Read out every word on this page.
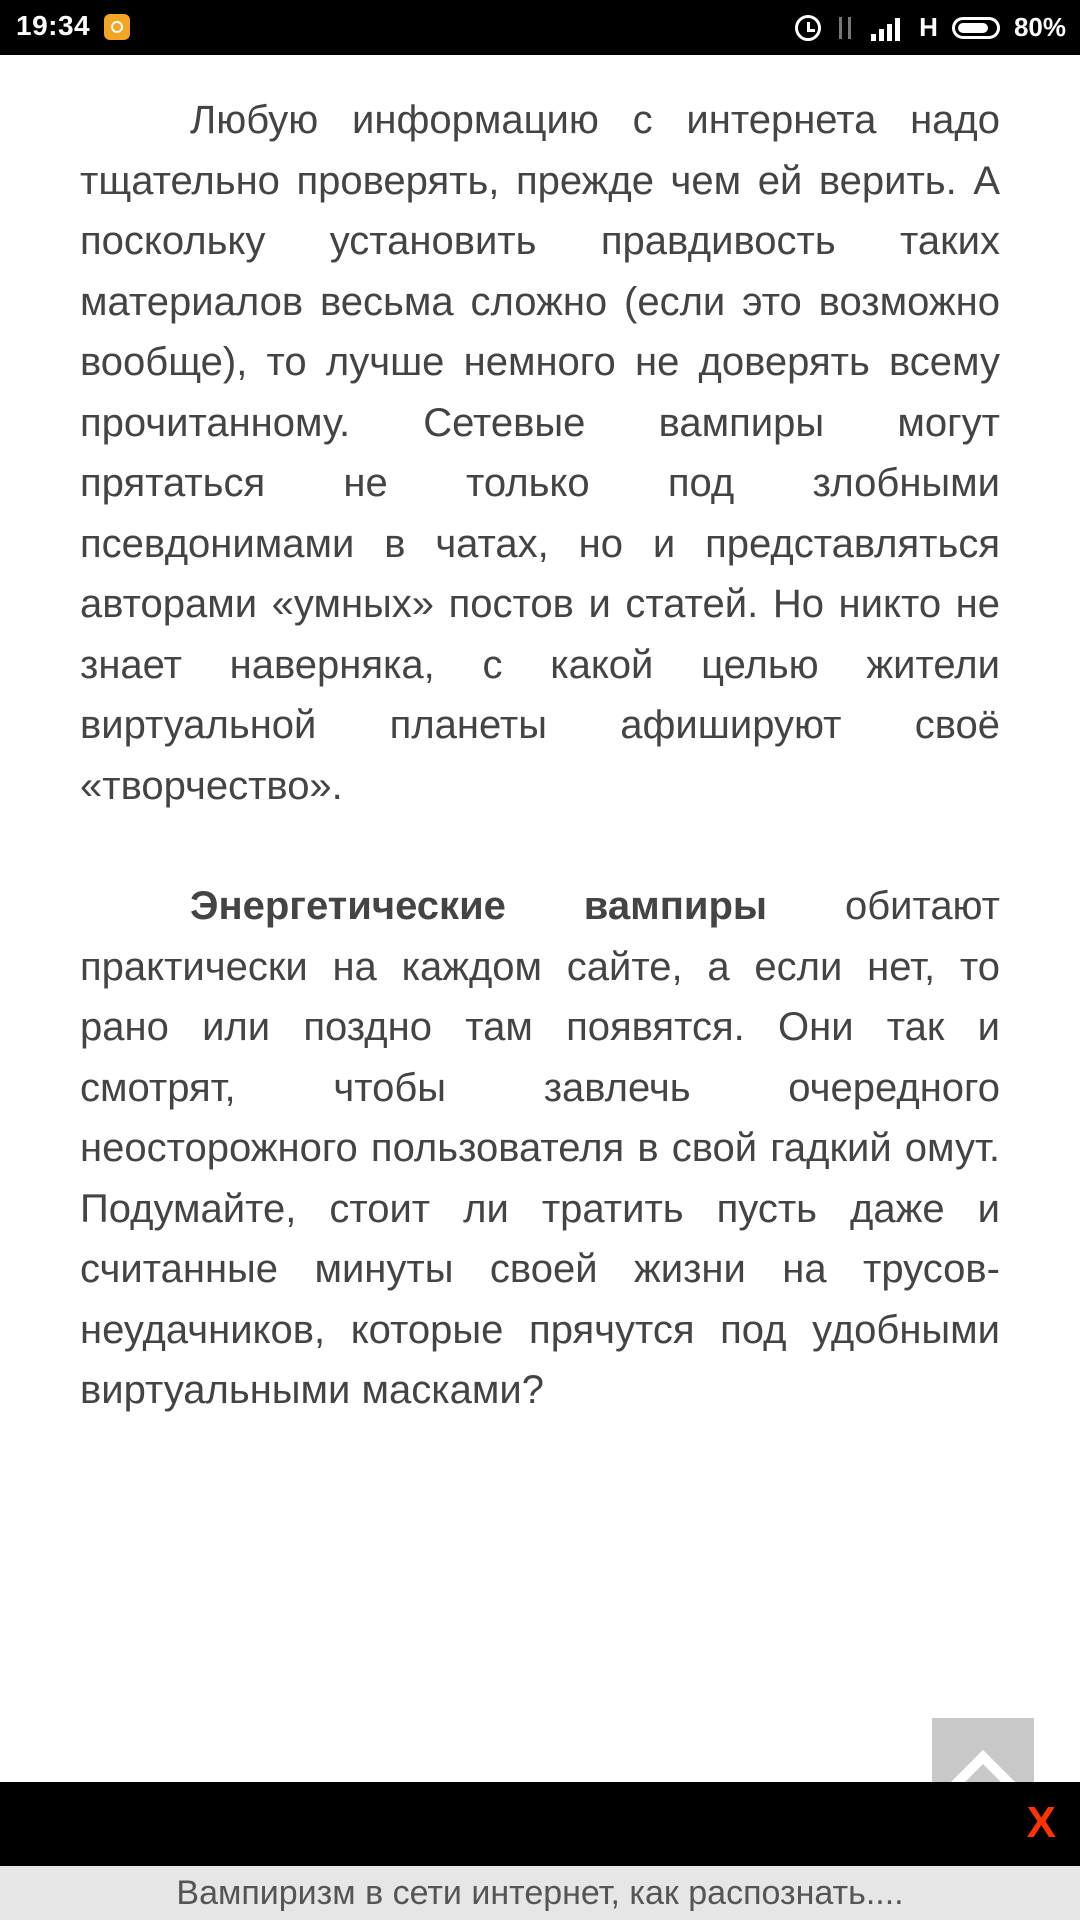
19:34	H	80%

Любую информацию с интернета надо тщательно проверять, прежде чем ей верить. А поскольку установить правдивость таких материалов весьма сложно (если это возможно вообще), то лучше немного не доверять всему прочитанному. Сетевые вампиры могут прятаться не только под злобными псевдонимами в чатах, но и представляться авторами «умных» постов и статей. Но никто не знает наверняка, с какой целью жители виртуальной планеты афишируют своё «творчество».

Энергетические вампиры обитают практически на каждом сайте, а если нет, то рано или поздно там появятся. Они так и смотрят, чтобы завлечь очередного неосторожного пользователя в свой гадкий омут. Подумайте, стоит ли тратить пусть даже и считанные минуты своей жизни на трусов-неудачников, которые прячутся под удобными виртуальными масками?

X
Вампиризм в сети интернет, как распознать....
